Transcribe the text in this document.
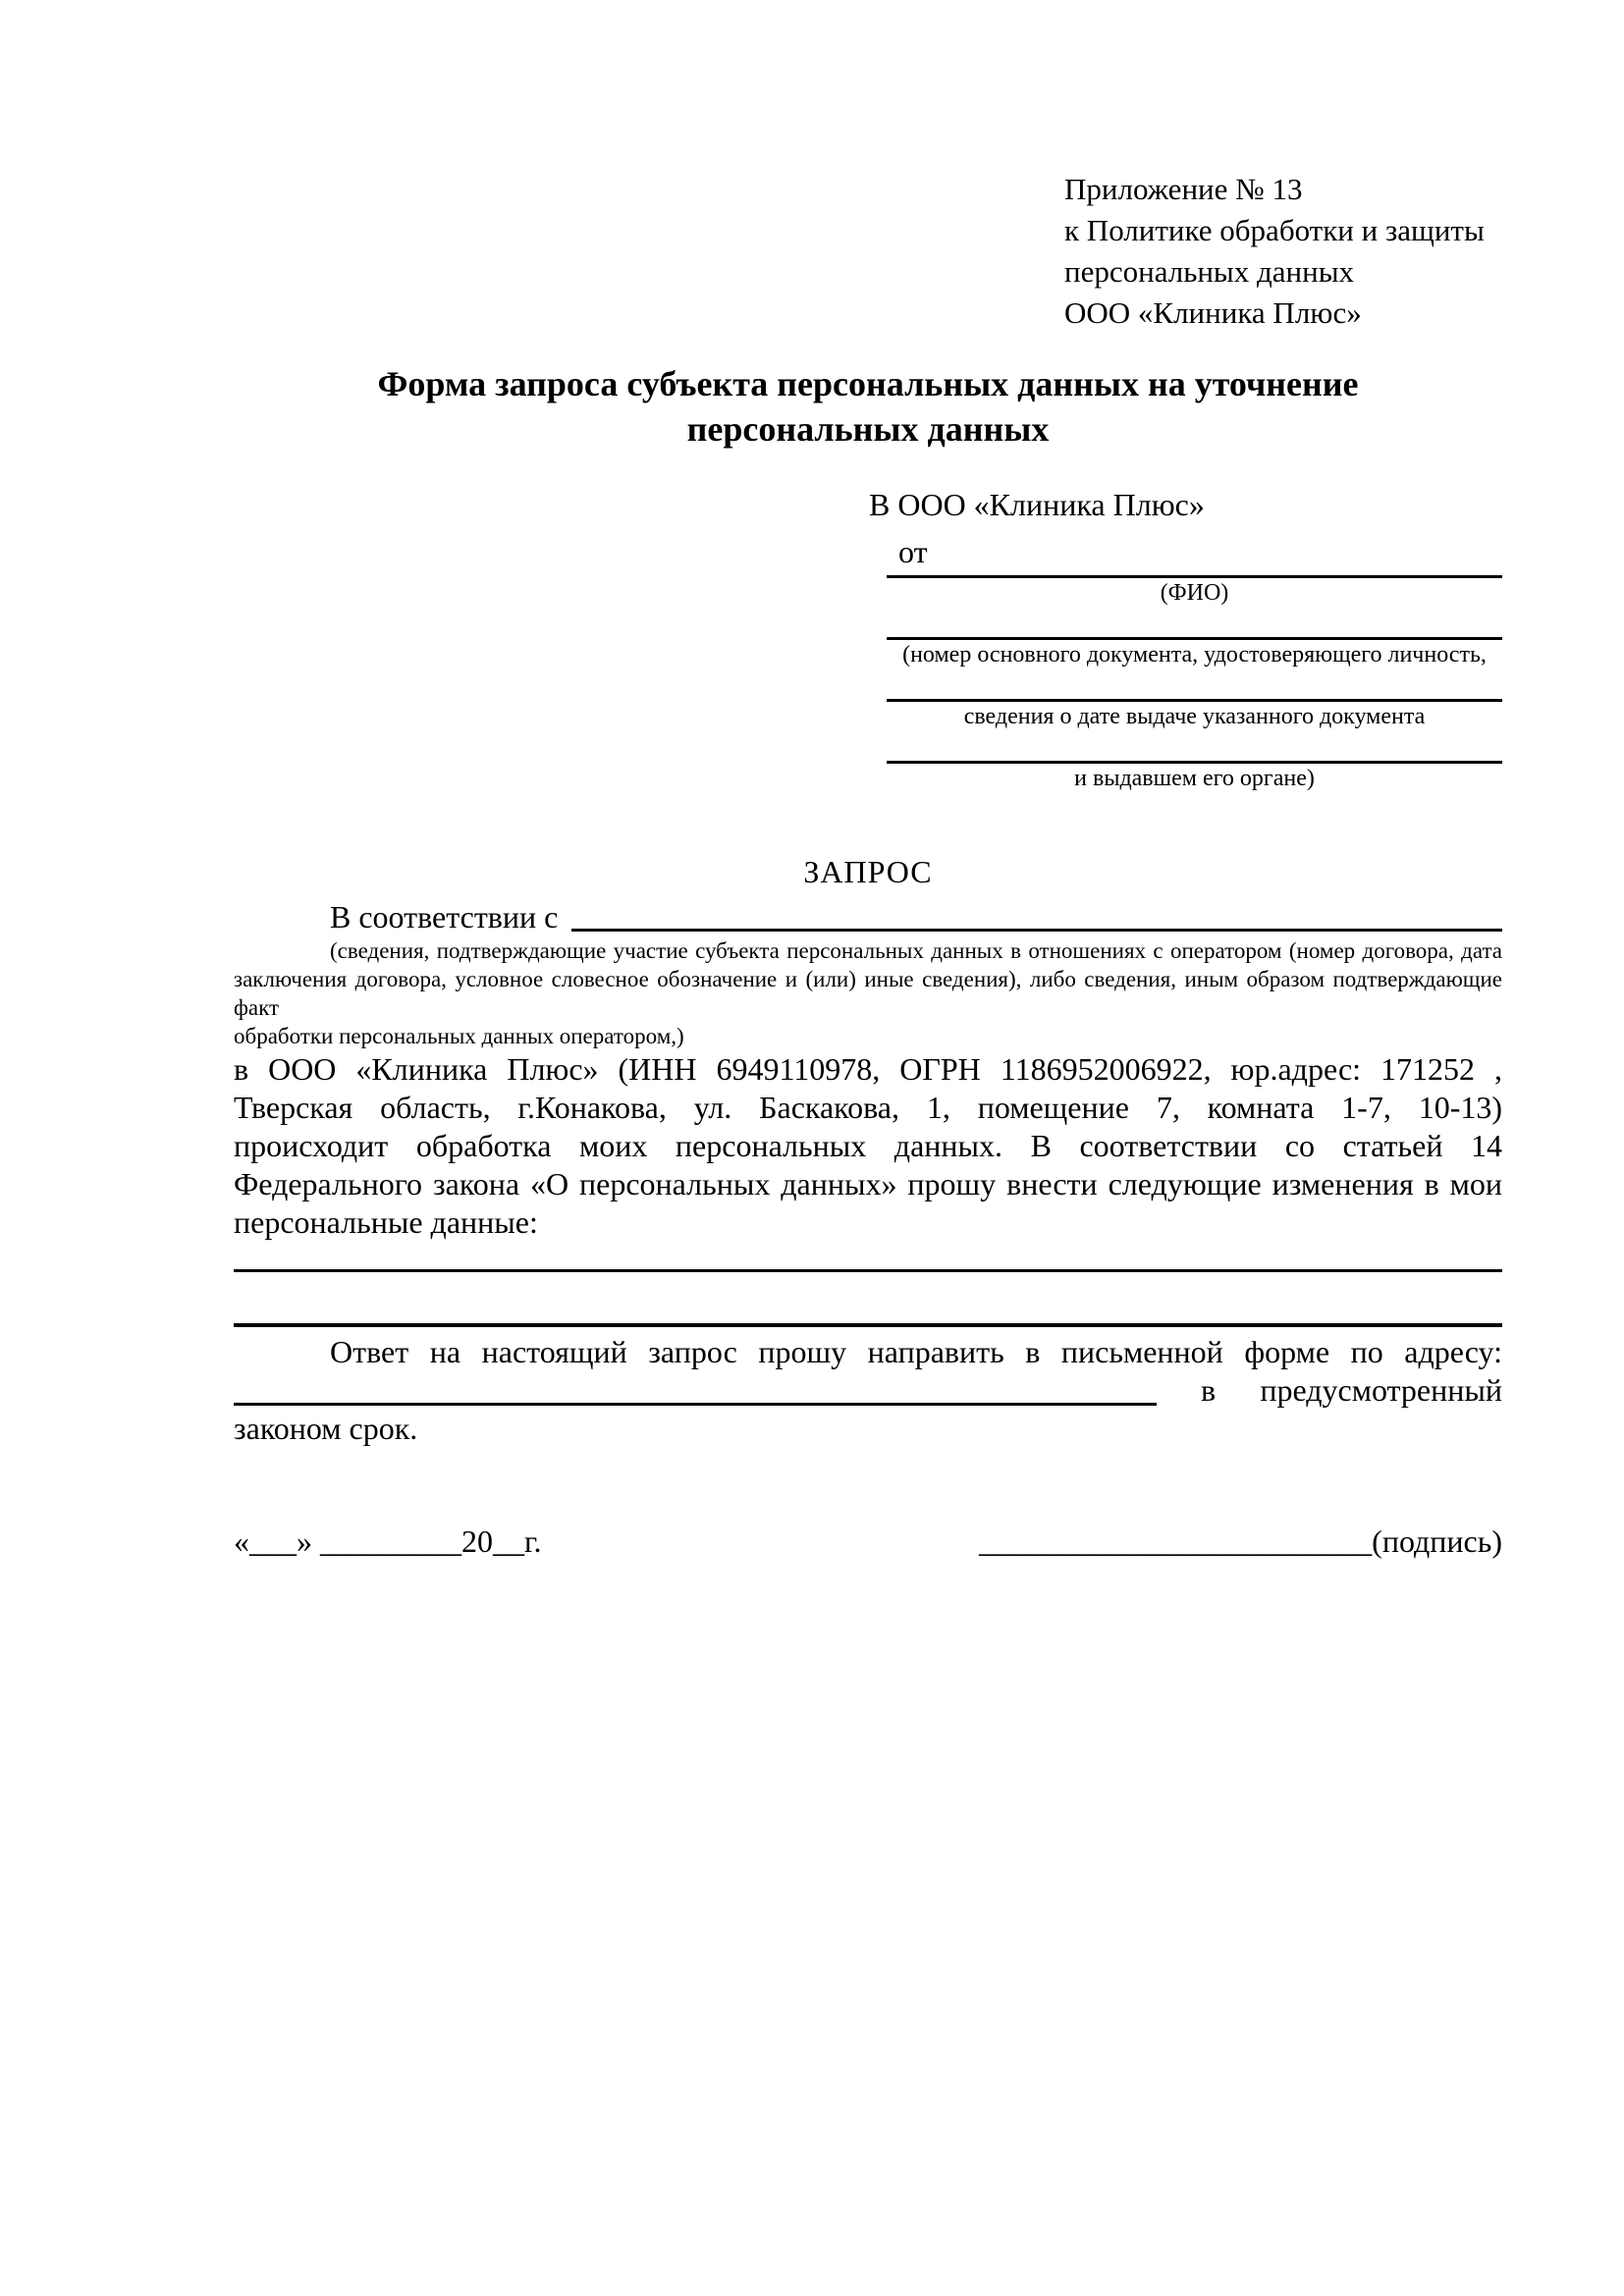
Приложение № 13
к Политике обработки и защиты
персональных данных
ООО «Клиника Плюс»
Форма запроса субъекта персональных данных на уточнение
персональных данных
В ООО «Клиника Плюс»
от
(ФИО)
(номер основного документа, удостоверяющего личность,
сведения о дате выдаче указанного документа
и выдавшем его органе)
ЗАПРОС
В соответствии с
(сведения, подтверждающие участие субъекта персональных данных в отношениях с оператором (номер договора, дата
заключения договора, условное словесное обозначение и (или) иные сведения), либо сведения, иным образом подтверждающие факт
обработки персональных данных оператором,)
в ООО «Клиника Плюс» (ИНН 6949110978, ОГРН 1186952006922, юр.адрес: 171252 ,
Тверская область, г.Конакова, ул. Баскакова, 1, помещение 7, комната 1-7, 10-13)
происходит обработка моих персональных данных. В соответствии со статьей 14
Федерального закона «О персональных данных» прошу внести следующие изменения в мои
персональные данные:
Ответ на настоящий запрос прошу направить в письменной форме по адресу:
в предусмотренный
законом срок.
«___» _________20__г.	_________________________(подпись)
